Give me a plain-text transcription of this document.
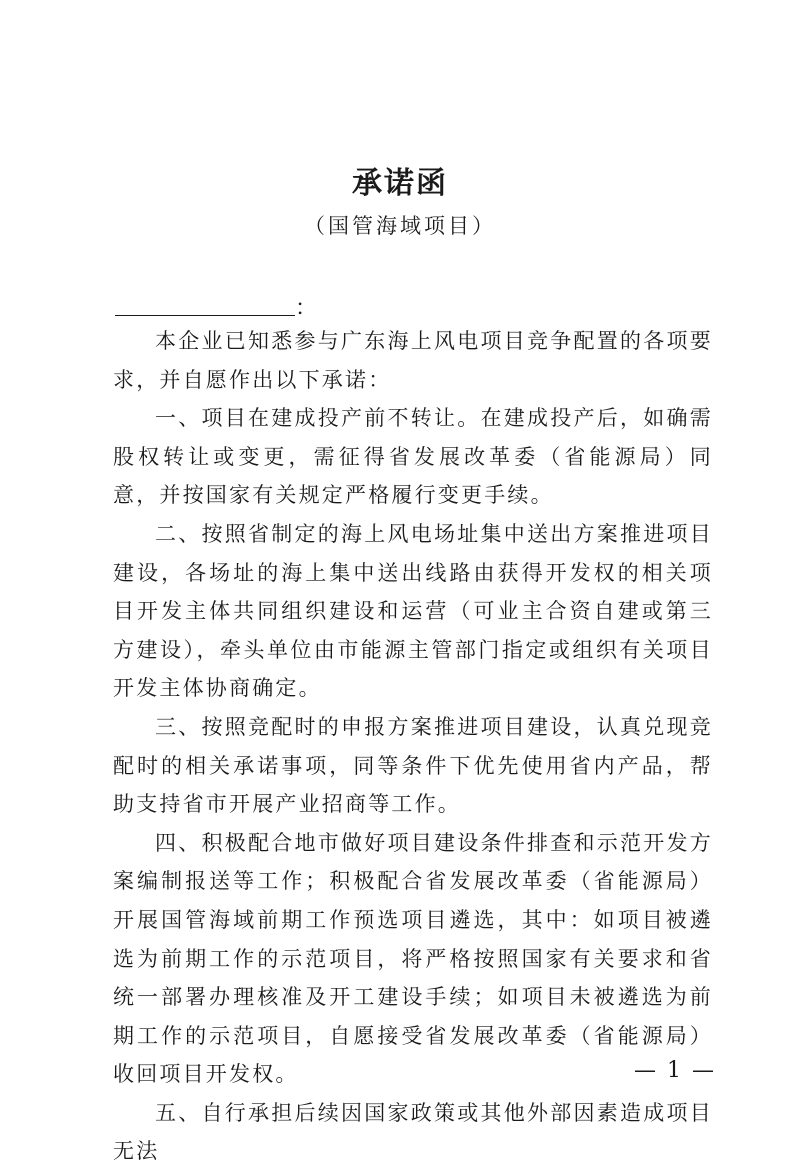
承诺函
（国管海域项目）
：

本企业已知悉参与广东海上风电项目竞争配置的各项要求，并自愿作出以下承诺：

一、项目在建成投产前不转让。在建成投产后，如确需股权转让或变更，需征得省发展改革委（省能源局）同意，并按国家有关规定严格履行变更手续。

二、按照省制定的海上风电场址集中送出方案推进项目建设，各场址的海上集中送出线路由获得开发权的相关项目开发主体共同组织建设和运营（可业主合资自建或第三方建设），牵头单位由市能源主管部门指定或组织有关项目开发主体协商确定。

三、按照竞配时的申报方案推进项目建设，认真兑现竞配时的相关承诺事项，同等条件下优先使用省内产品，帮助支持省市开展产业招商等工作。

四、积极配合地市做好项目建设条件排查和示范开发方案编制报送等工作；积极配合省发展改革委（省能源局）开展国管海域前期工作预选项目遴选，其中：如项目被遴选为前期工作的示范项目，将严格按照国家有关要求和省统一部署办理核准及开工建设手续；如项目未被遴选为前期工作的示范项目，自愿接受省发展改革委（省能源局）收回项目开发权。

五、自行承担后续因国家政策或其他外部因素造成项目无法

— 1 —
